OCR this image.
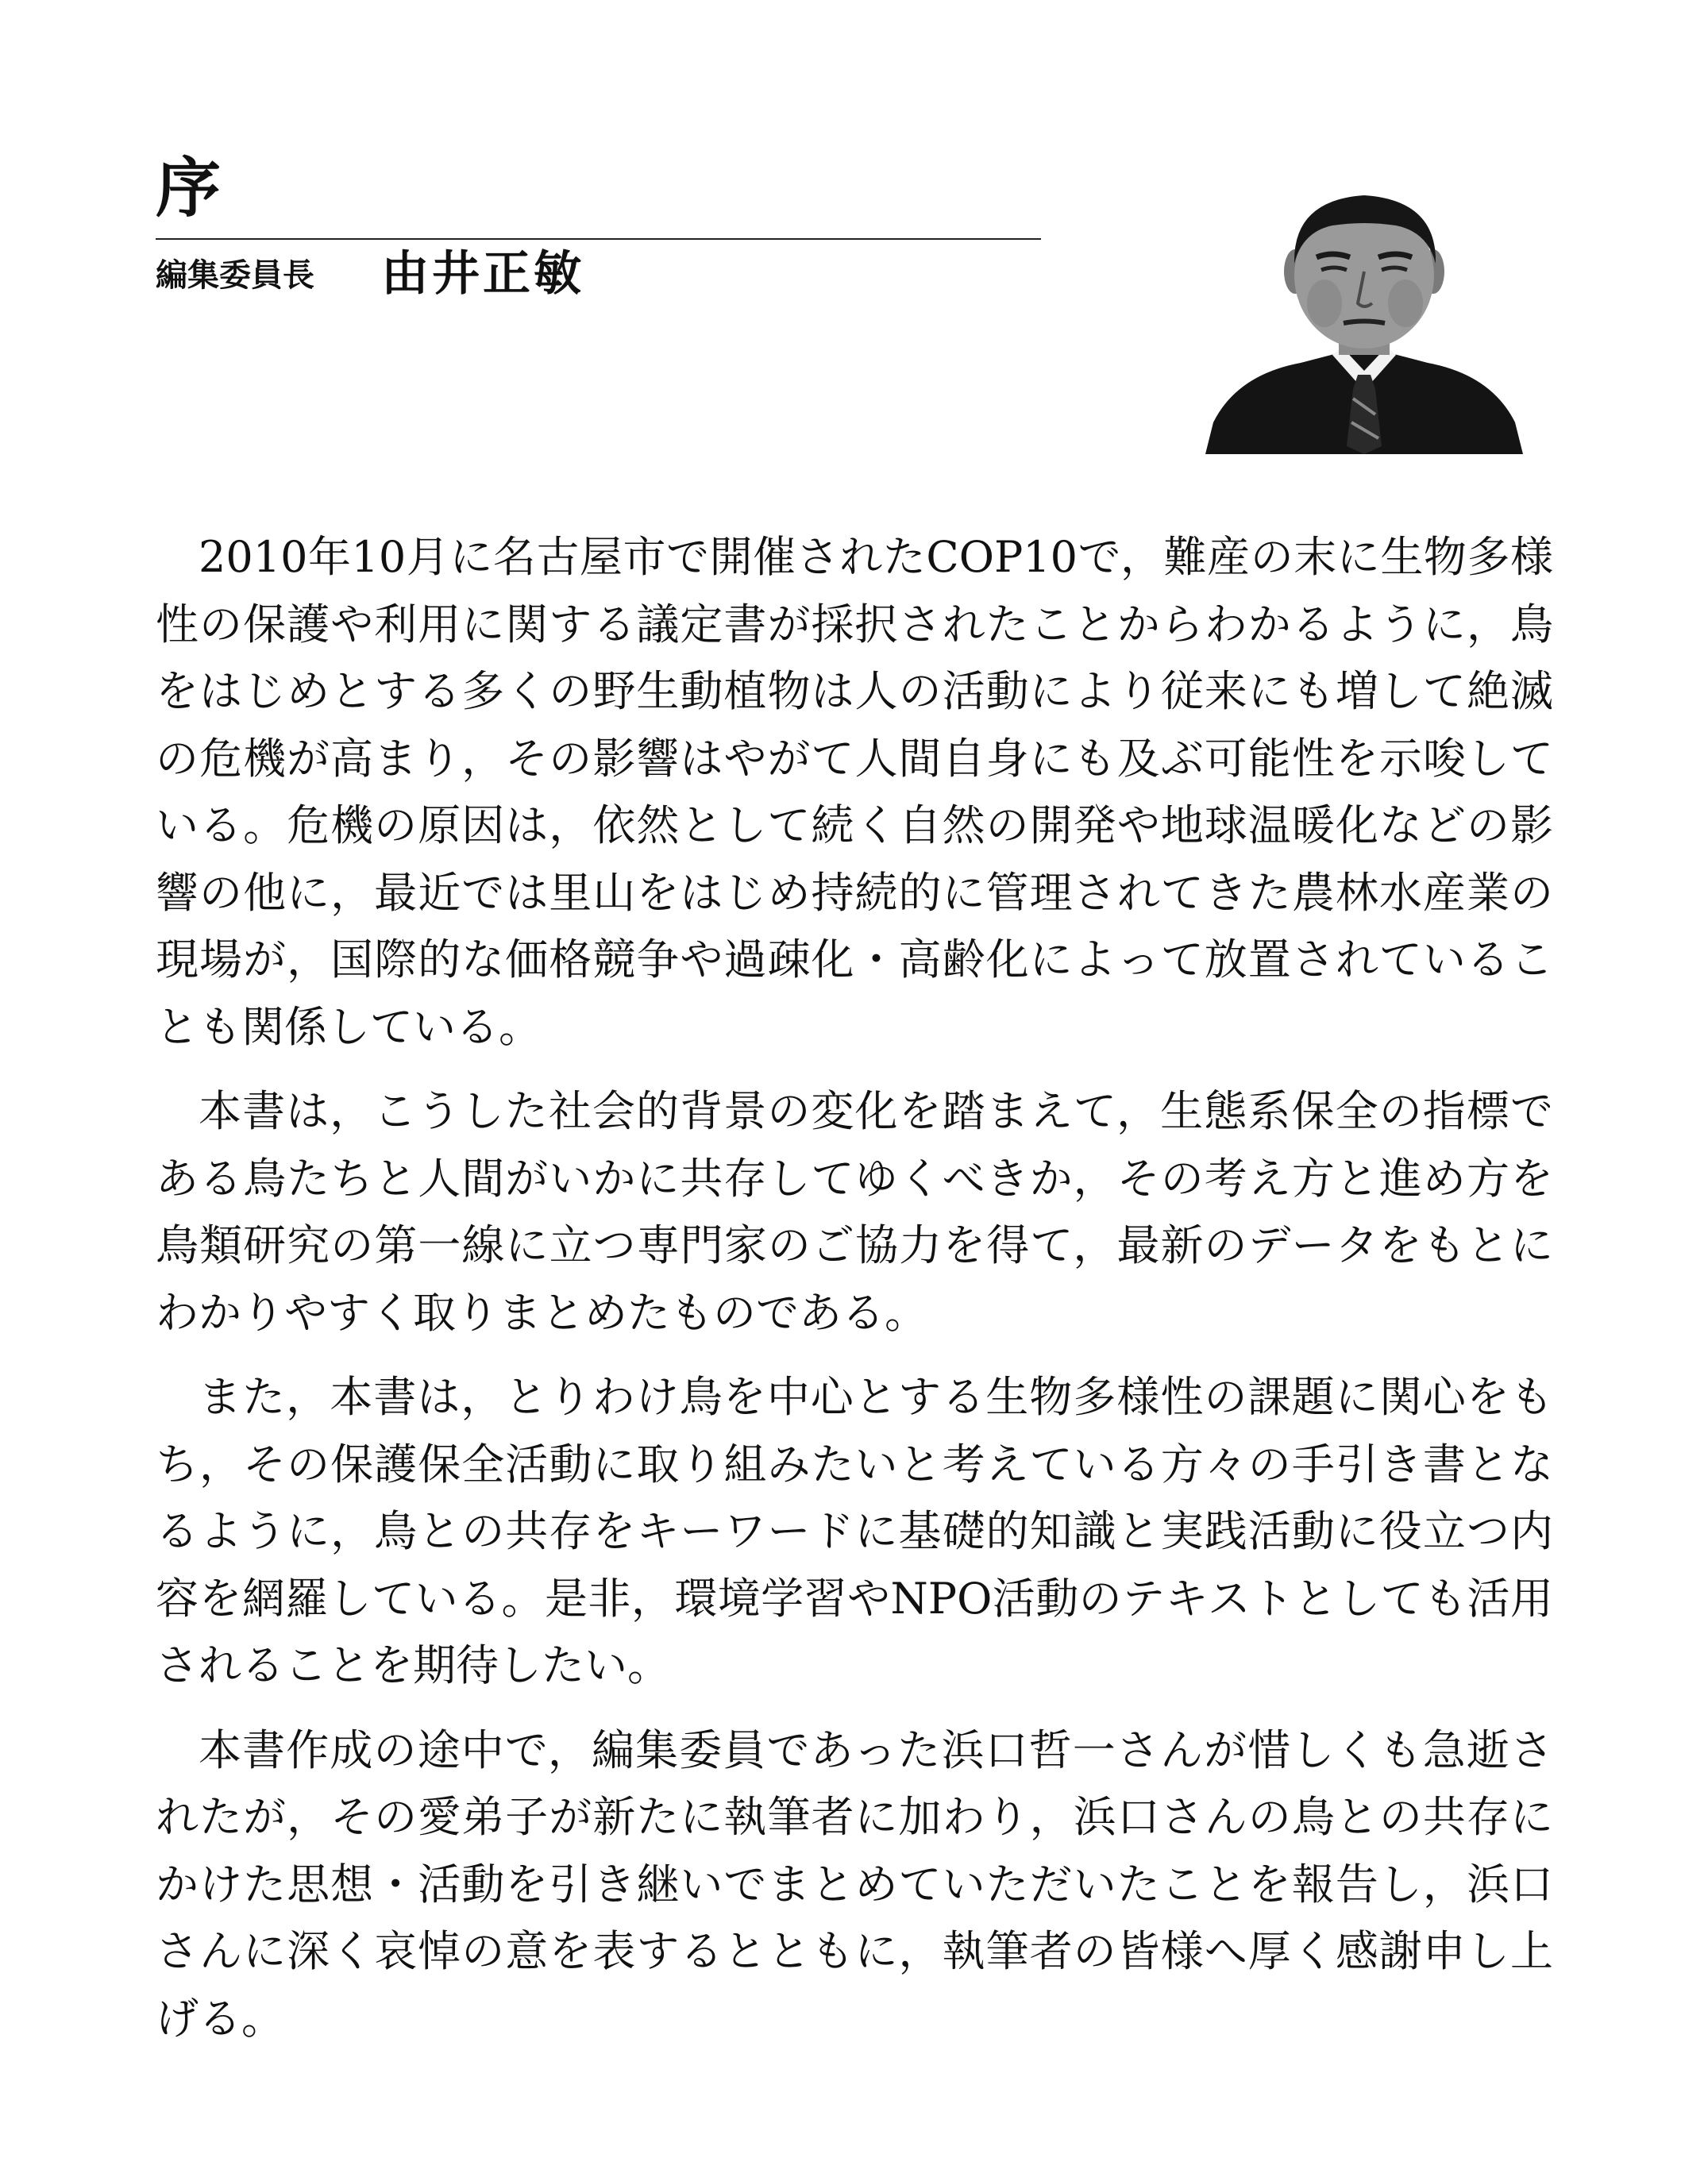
序
編集委員長 由井正敏

2010年10月に名古屋市で開催されたCOP10で，難産の末に生物多様性の保護や利用に関する議定書が採択されたことからわかるように，鳥をはじめとする多くの野生動植物は人の活動により従来にも増して絶滅の危機が高まり，その影響はやがて人間自身にも及ぶ可能性を示唆している。危機の原因は，依然として続く自然の開発や地球温暖化などの影響の他に，最近では里山をはじめ持続的に管理されてきた農林水産業の現場が，国際的な価格競争や過疎化・高齢化によって放置されていることも関係している。

本書は，こうした社会的背景の変化を踏まえて，生態系保全の指標である鳥たちと人間がいかに共存してゆくべきか，その考え方と進め方を鳥類研究の第一線に立つ専門家のご協力を得て，最新のデータをもとにわかりやすく取りまとめたものである。

また，本書は，とりわけ鳥を中心とする生物多様性の課題に関心をもち，その保護保全活動に取り組みたいと考えている方々の手引き書となるように，鳥との共存をキーワードに基礎的知識と実践活動に役立つ内容を網羅している。是非，環境学習やNPO活動のテキストとしても活用されることを期待したい。

本書作成の途中で，編集委員であった浜口哲一さんが惜しくも急逝されたが，その愛弟子が新たに執筆者に加わり，浜口さんの鳥との共存にかけた思想・活動を引き継いでまとめていただいたことを報告し，浜口さんに深く哀悼の意を表するとともに，執筆者の皆様へ厚く感謝申し上げる。
